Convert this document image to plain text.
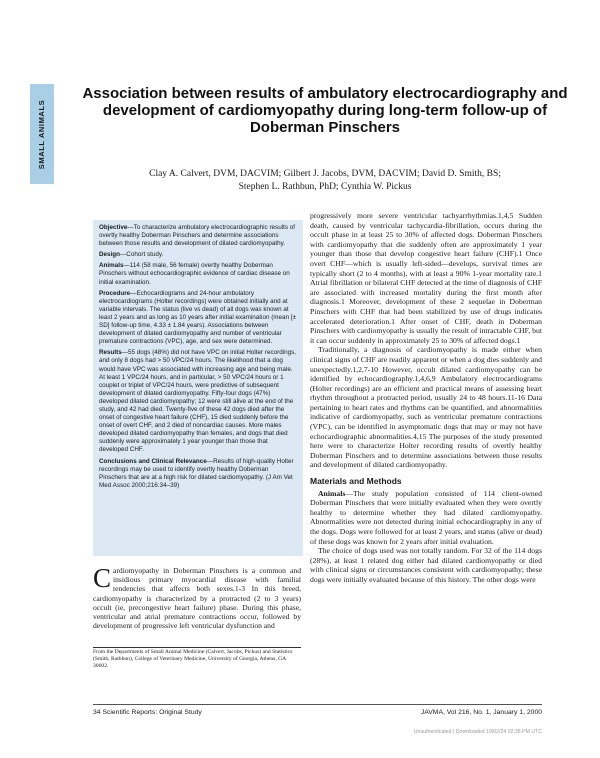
SMALL ANIMALS
Association between results of ambulatory electrocardiography and development of cardiomyopathy during long-term follow-up of Doberman Pinschers
Clay A. Calvert, DVM, DACVIM; Gilbert J. Jacobs, DVM, DACVIM; David D. Smith, BS;
Stephen L. Rathbun, PhD; Cynthia W. Pickus

Objective—To characterize ambulatory electrocardiographic results of overtly healthy Doberman Pinschers and determine associations between those results and development of dilated cardiomyopathy.

Design—Cohort study.

Animals—114 (58 male, 56 female) overtly healthy Doberman Pinschers without echocardiographic evidence of cardiac disease on initial examination.

Procedure—Echocardiograms and 24-hour ambulatory electrocardiograms (Holter recordings) were obtained initially and at variable intervals. The status (live vs dead) of all dogs was known at least 2 years and as long as 10 years after initial examination (mean [± SD] follow-up time, 4.33 ± 1.84 years). Associations between development of dilated cardiomyopathy and number of ventricular premature contractions (VPC), age, and sex were determined.

Results—55 dogs (48%) did not have VPC on initial Holter recordings, and only 8 dogs had > 50 VPC/24 hours. The likelihood that a dog would have VPC was associated with increasing age and being male. At least 1 VPC/24 hours, and in particular, > 50 VPC/24 hours or 1 couplet or triplet of VPC/24 hours, were predictive of subsequent development of dilated cardiomyopathy. Fifty-four dogs (47%) developed dilated cardiomyopathy; 12 were still alive at the end of the study, and 42 had died. Twenty-five of these 42 dogs died after the onset of congestive heart failure (CHF), 15 died suddenly before the onset of overt CHF, and 2 died of noncardiac causes. More males developed dilated cardiomyopathy than females, and dogs that died suddenly were approximately 1 year younger than those that developed CHF.

Conclusions and Clinical Relevance—Results of high-quality Holter recordings may be used to identify overtly healthy Doberman Pinschers that are at a high risk for dilated cardiomyopathy. (J Am Vet Med Assoc 2000;216:34–39)

Cardiomyopathy in Doberman Pinschers is a common and insidious primary myocardial disease with familial tendencies that affects both sexes.1-3 In this breed, cardiomyopathy is characterized by a protracted (2 to 3 years) occult (ie, precongestive heart failure) phase. During this phase, ventricular and atrial premature contractions occur, followed by development of progressive left ventricular dysfunction and
From the Departments of Small Animal Medicine (Calvert, Jacobs, Pickus) and Statistics (Smith, Rathbun), College of Veterinary Medicine, University of Georgia, Athens, GA 30602.

progressively more severe ventricular tachyarrhythmias.1,4,5 Sudden death, caused by ventricular tachycardia-fibrillation, occurs during the occult phase in at least 25 to 30% of affected dogs. Doberman Pinschers with cardiomyopathy that die suddenly often are approximately 1 year younger than those that develop congestive heart failure (CHF).1 Once overt CHF—which is usually left-sided—develops, survival times are typically short (2 to 4 months), with at least a 90% 1-year mortality rate.1 Atrial fibrillation or bilateral CHF detected at the time of diagnosis of CHF are associated with increased mortality during the first month after diagnosis.1 Moreover, development of these 2 sequelae in Doberman Pinschers with CHF that had been stabilized by use of drugs indicates accelerated deterioration.1 After onset of CHF, death in Doberman Pinschers with cardiomyopathy is usually the result of intractable CHF, but it can occur suddenly in approximately 25 to 30% of affected dogs.1

Traditionally, a diagnosis of cardiomyopathy is made either when clinical signs of CHF are readily apparent or when a dog dies suddenly and unexpectedly.1,2,7-10 However, occult dilated cardiomyopathy can be identified by echocardiography.1,4,6,9 Ambulatory electrocardiograms (Holter recordings) are an efficient and practical means of assessing heart rhythm throughout a protracted period, usually 24 to 48 hours.11-16 Data pertaining to heart rates and rhythms can be quantified, and abnormalities indicative of cardiomyopathy, such as ventricular premature contractions (VPC), can be identified in asymptomatic dogs that may or may not have echocardiographic abnormalities.4,15 The purposes of the study presented here were to characterize Holter recording results of overtly healthy Doberman Pinschers and to determine associations between those results and development of dilated cardiomyopathy.

Materials and Methods

Animals—The study population consisted of 114 client-owned Doberman Pinschers that were initially evaluated when they were overtly healthy to determine whether they had dilated cardiomyopathy. Abnormalities were not detected during initial echocardiography in any of the dogs. Dogs were followed for at least 2 years, and status (alive or dead) of these dogs was known for 2 years after initial evaluation.

The choice of dogs used was not totally random. For 32 of the 114 dogs (28%), at least 1 related dog either had dilated cardiomyopathy or died with clinical signs or circumstances consistent with cardiomyopathy; these dogs were initially evaluated because of this history. The other dogs were

34 Scientific Reports: Original Study	JAVMA, Vol 216, No. 1, January 1, 2000
Unauthenticated | Downloaded 10/02/24 02:38 PM UTC
